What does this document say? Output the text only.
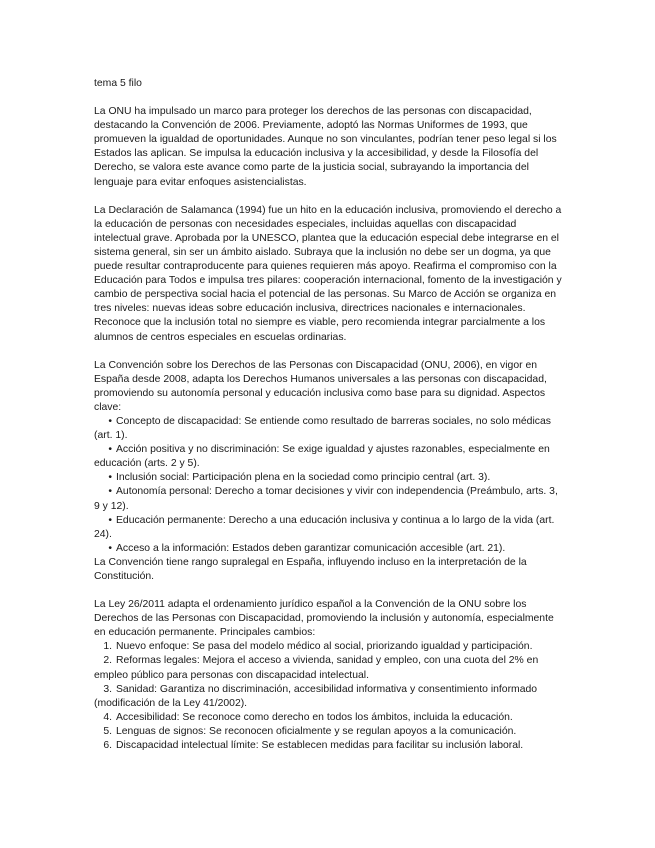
tema 5 filo
La ONU ha impulsado un marco para proteger los derechos de las personas con discapacidad, destacando la Convención de 2006. Previamente, adoptó las Normas Uniformes de 1993, que promueven la igualdad de oportunidades. Aunque no son vinculantes, podrían tener peso legal si los Estados las aplican. Se impulsa la educación inclusiva y la accesibilidad, y desde la Filosofía del Derecho, se valora este avance como parte de la justicia social, subrayando la importancia del lenguaje para evitar enfoques asistencialistas.
La Declaración de Salamanca (1994) fue un hito en la educación inclusiva, promoviendo el derecho a la educación de personas con necesidades especiales, incluidas aquellas con discapacidad intelectual grave. Aprobada por la UNESCO, plantea que la educación especial debe integrarse en el sistema general, sin ser un ámbito aislado. Subraya que la inclusión no debe ser un dogma, ya que puede resultar contraproducente para quienes requieren más apoyo. Reafirma el compromiso con la Educación para Todos e impulsa tres pilares: cooperación internacional, fomento de la investigación y cambio de perspectiva social hacia el potencial de las personas. Su Marco de Acción se organiza en tres niveles: nuevas ideas sobre educación inclusiva, directrices nacionales e internacionales. Reconoce que la inclusión total no siempre es viable, pero recomienda integrar parcialmente a los alumnos de centros especiales en escuelas ordinarias.

La Convención sobre los Derechos de las Personas con Discapacidad (ONU, 2006), en vigor en España desde 2008, adapta los Derechos Humanos universales a las personas con discapacidad, promoviendo su autonomía personal y educación inclusiva como base para su dignidad. Aspectos clave:

• Concepto de discapacidad: Se entiende como resultado de barreras sociales, no solo médicas (art. 1).
• Acción positiva y no discriminación: Se exige igualdad y ajustes razonables, especialmente en educación (arts. 2 y 5).
• Inclusión social: Participación plena en la sociedad como principio central (art. 3).
• Autonomía personal: Derecho a tomar decisiones y vivir con independencia (Preámbulo, arts. 3, 9 y 12).
• Educación permanente: Derecho a una educación inclusiva y continua a lo largo de la vida (art. 24).
• Acceso a la información: Estados deben garantizar comunicación accesible (art. 21).

La Convención tiene rango supralegal en España, influyendo incluso en la interpretación de la Constitución.

La Ley 26/2011 adapta el ordenamiento jurídico español a la Convención de la ONU sobre los Derechos de las Personas con Discapacidad, promoviendo la inclusión y autonomía, especialmente en educación permanente. Principales cambios:

1. Nuevo enfoque: Se pasa del modelo médico al social, priorizando igualdad y participación.
2. Reformas legales: Mejora el acceso a vivienda, sanidad y empleo, con una cuota del 2% en empleo público para personas con discapacidad intelectual.
3. Sanidad: Garantiza no discriminación, accesibilidad informativa y consentimiento informado (modificación de la Ley 41/2002).
4. Accesibilidad: Se reconoce como derecho en todos los ámbitos, incluida la educación.
5. Lenguas de signos: Se reconocen oficialmente y se regulan apoyos a la comunicación.
6. Discapacidad intelectual límite: Se establecen medidas para facilitar su inclusión laboral.
